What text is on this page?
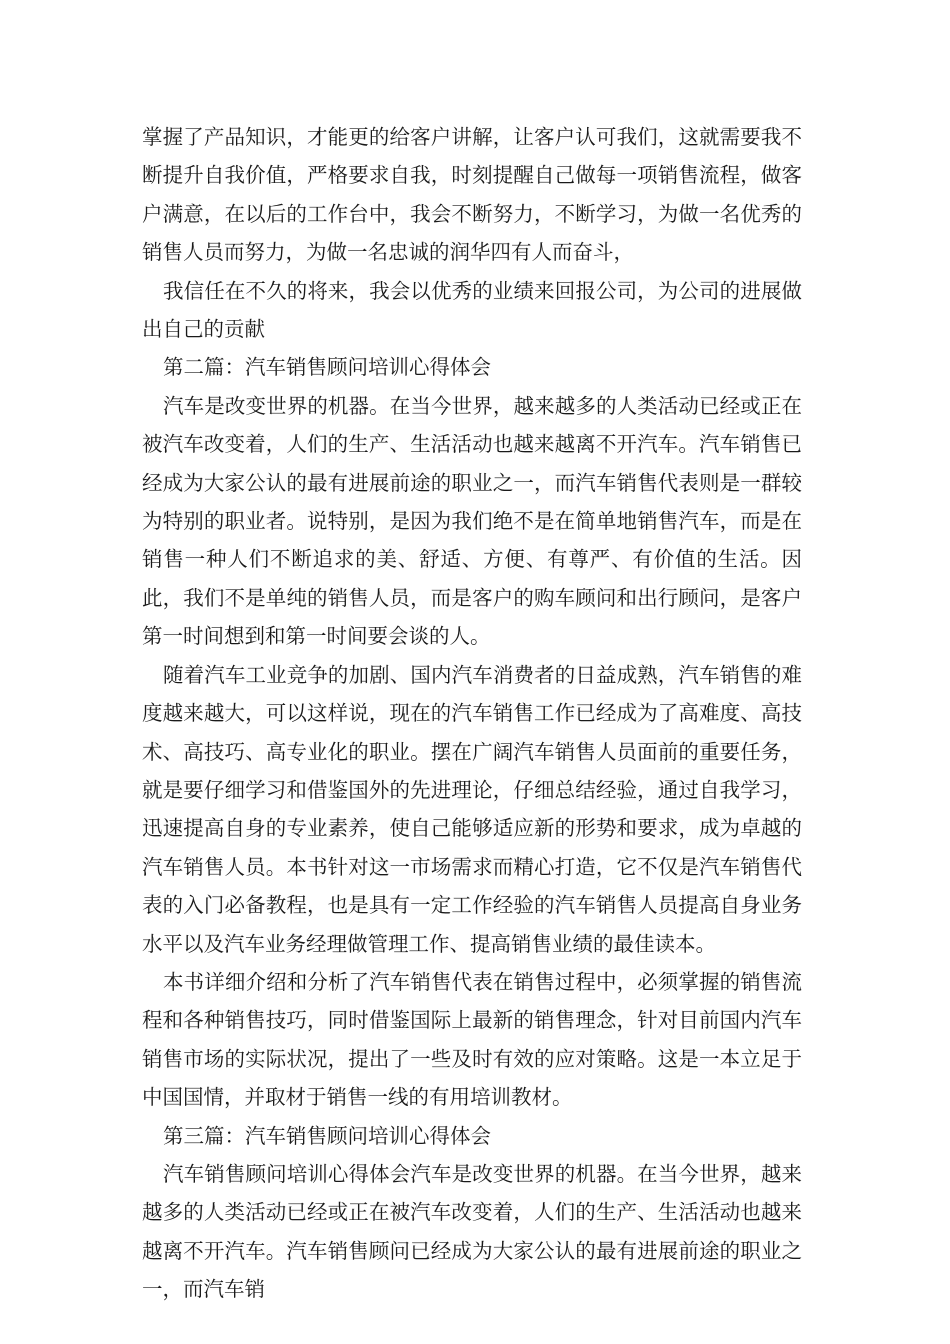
掌握了产品知识，才能更的给客户讲解，让客户认可我们，这就需要我不断提升自我价值，严格要求自我，时刻提醒自己做每一项销售流程，做客户满意，在以后的工作台中，我会不断努力，不断学习，为做一名优秀的销售人员而努力，为做一名忠诚的润华四有人而奋斗，

我信任在不久的将来，我会以优秀的业绩来回报公司，为公司的进展做出自己的贡献

第二篇：汽车销售顾问培训心得体会

汽车是改变世界的机器。在当今世界，越来越多的人类活动已经或正在被汽车改变着，人们的生产、生活活动也越来越离不开汽车。汽车销售已经成为大家公认的最有进展前途的职业之一，而汽车销售代表则是一群较为特别的职业者。说特别，是因为我们绝不是在简单地销售汽车，而是在销售一种人们不断追求的美、舒适、方便、有尊严、有价值的生活。因此，我们不是单纯的销售人员，而是客户的购车顾问和出行顾问，是客户第一时间想到和第一时间要会谈的人。

随着汽车工业竞争的加剧、国内汽车消费者的日益成熟，汽车销售的难度越来越大，可以这样说，现在的汽车销售工作已经成为了高难度、高技术、高技巧、高专业化的职业。摆在广阔汽车销售人员面前的重要任务，就是要仔细学习和借鉴国外的先进理论，仔细总结经验，通过自我学习，迅速提高自身的专业素养，使自己能够适应新的形势和要求，成为卓越的汽车销售人员。本书针对这一市场需求而精心打造，它不仅是汽车销售代表的入门必备教程，也是具有一定工作经验的汽车销售人员提高自身业务水平以及汽车业务经理做管理工作、提高销售业绩的最佳读本。

本书详细介绍和分析了汽车销售代表在销售过程中，必须掌握的销售流程和各种销售技巧，同时借鉴国际上最新的销售理念，针对目前国内汽车销售市场的实际状况，提出了一些及时有效的应对策略。这是一本立足于中国国情，并取材于销售一线的有用培训教材。

第三篇：汽车销售顾问培训心得体会

汽车销售顾问培训心得体会汽车是改变世界的机器。在当今世界，越来越多的人类活动已经或正在被汽车改变着，人们的生产、生活活动也越来越离不开汽车。汽车销售顾问已经成为大家公认的最有进展前途的职业之一，而汽车销
